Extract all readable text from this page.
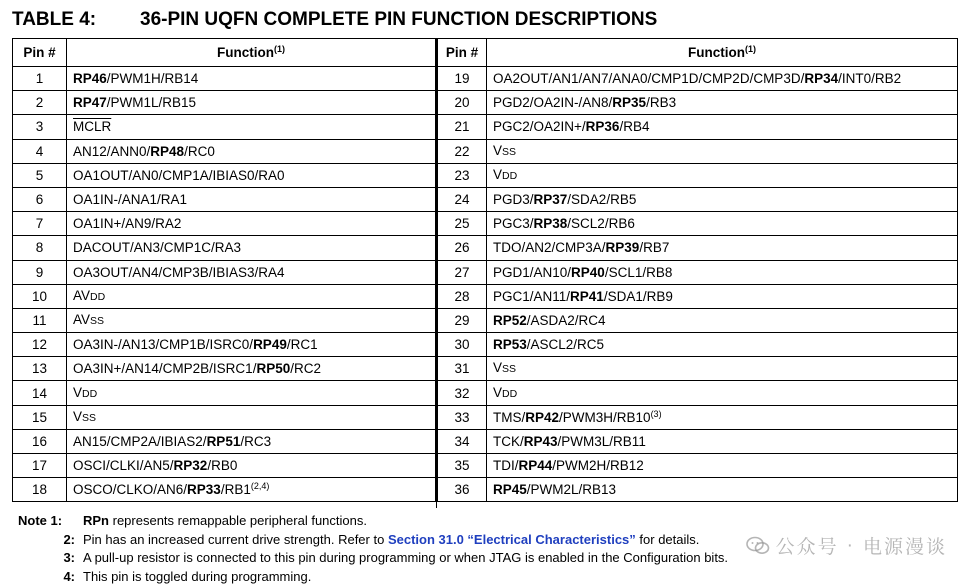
TABLE 4: 36-PIN UQFN COMPLETE PIN FUNCTION DESCRIPTIONS
Pin #	Function$^{(1)}$
1	RP46/PWM1H/RB14
2	RP47/PWM1L/RB15
3	MCLR
4	AN12/ANN0/RP48/RC0
5	OA1OUT/AN0/CMP1A/IBIAS0/RA0
6	OA1IN-/ANA1/RA1
7	OA1IN+/AN9/RA2
8	DACOUT/AN3/CMP1C/RA3
9	OA3OUT/AN4/CMP3B/IBIAS3/RA4
10	AVDD
11	AVSS
12	OA3IN-/AN13/CMP1B/ISRC0/RP49/RC1
13	OA3IN+/AN14/CMP2B/ISRC1/RP50/RC2
14	VDD
15	VSS
16	AN15/CMP2A/IBIAS2/RP51/RC3
17	OSCI/CLKI/AN5/RP32/RB0
18	OSCO/CLKO/AN6/RP33/RB1$^{(2,4)}$
Pin #	Function$^{(1)}$
19	OA2OUT/AN1/AN7/ANA0/CMP1D/CMP2D/CMP3D/RP34/INT0/RB2
20	PGD2/OA2IN-/AN8/RP35/RB3
21	PGC2/OA2IN+/RP36/RB4
22	VSS
23	VDD
24	PGD3/RP37/SDA2/RB5
25	PGC3/RP38/SCL2/RB6
26	TDO/AN2/CMP3A/RP39/RB7
27	PGD1/AN10/RP40/SCL1/RB8
28	PGC1/AN11/RP41/SDA1/RB9
29	RP52/ASDA2/RC4
30	RP53/ASCL2/RC5
31	VSS
32	VDD
33	TMS/RP42/PWM3H/RB10$^{(3)}$
34	TCK/RP43/PWM3L/RB11
35	TDI/RP44/PWM2H/RB12
36	RP45/PWM2L/RB13
Note 1:	RPn represents remappable peripheral functions.
2: Pin has an increased current drive strength. Refer to Section 31.0 “Electrical Characteristics” for details.
3: A pull-up resistor is connected to this pin during programming or when JTAG is enabled in the Configuration bits.
4: This pin is toggled during programming.
公众号 · 电源漫谈
